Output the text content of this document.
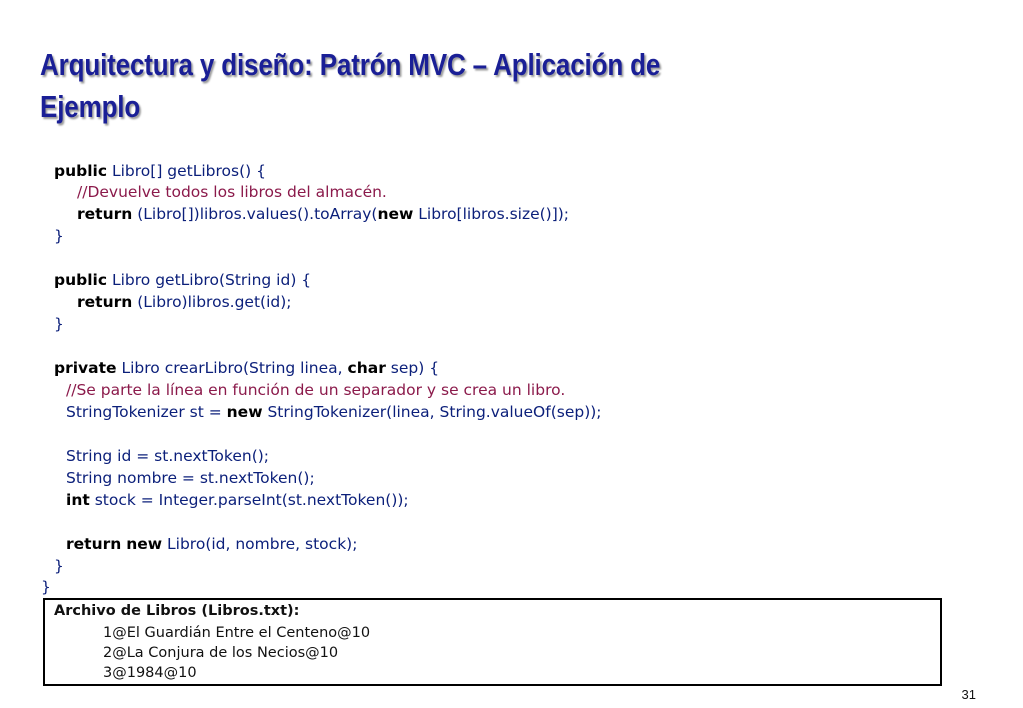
Arquitectura y diseño: Patrón MVC – Aplicación de
Ejemplo
public Libro[] getLibros() {
//Devuelve todos los libros del almacén.
return (Libro[])libros.values().toArray(new Libro[libros.size()]);
}
public Libro getLibro(String id) {
return (Libro)libros.get(id);
}
private Libro crearLibro(String linea, char sep) {
//Se parte la línea en función de un separador y se crea un libro.
StringTokenizer st = new StringTokenizer(linea, String.valueOf(sep));
String id = st.nextToken();
String nombre = st.nextToken();
int stock = Integer.parseInt(st.nextToken());
return new Libro(id, nombre, stock);
}
}
Archivo de Libros (Libros.txt):
1@El Guardián Entre el Centeno@10
2@La Conjura de los Necios@10
3@1984@10
31
